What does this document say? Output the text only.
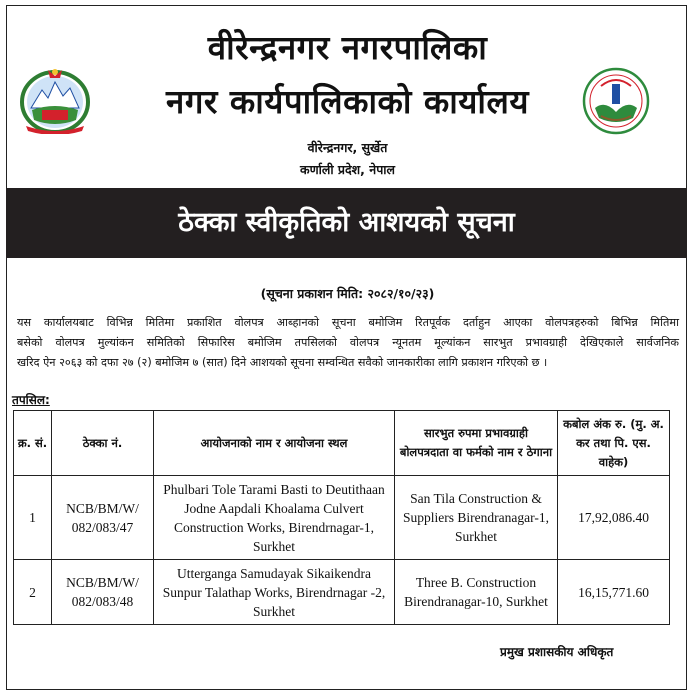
वीरेन्द्रनगर नगरपालिका
नगर कार्यपालिकाको कार्यालय
वीरेन्द्रनगर, सुर्खेत
कर्णाली प्रदेश, नेपाल
ठेक्का स्वीकृतिको आशयको सूचना
(सूचना प्रकाशन मिति: २०८२/१०/२३)
यस कार्यालयबाट विभिन्न मितिमा प्रकाशित वोलपत्र आब्हानको सूचना बमोजिम रितपूर्वक दर्ताहुन आएका वोलपत्रहरुको बिभिन्न मितिमा
बसेको वोलपत्र मुल्यांकन समितिको सिफारिस बमोजिम तपसिलको वोलपत्र न्यूनतम मूल्यांकन सारभुत प्रभावग्राही देखिएकाले सार्वजनिक
खरिद ऐन २०६३ को दफा २७ (२) बमोजिम ७ (सात) दिने आशयको सूचना सम्वन्धित सवैको जानकारीका लागि प्रकाशन गरिएको छ ।
तपसिल:
क्र. सं.	ठेक्का नं.	आयोजनाको नाम र आयोजना स्थल	सारभुत रुपमा प्रभावग्राही बोलपत्रदाता वा फर्मको नाम र ठेगाना	कबोल अंक रु. (मु. अ. कर तथा पि. एस. वाहेक)
1	NCB/BM/W/ 082/083/47	Phulbari Tole Tarami Basti to Deutithaan Jodne Aapdali Khoalama Culvert Construction Works, Birendrnagar-1, Surkhet	San Tila Construction & Suppliers Birendranagar-1, Surkhet	17,92,086.40
2	NCB/BM/W/ 082/083/48	Utterganga Samudayak Sikaikendra Sunpur Talathap Works, Birendrnagar -2, Surkhet	Three B. Construction Birendranagar-10, Surkhet	16,15,771.60
प्रमुख प्रशासकीय अधिकृत
